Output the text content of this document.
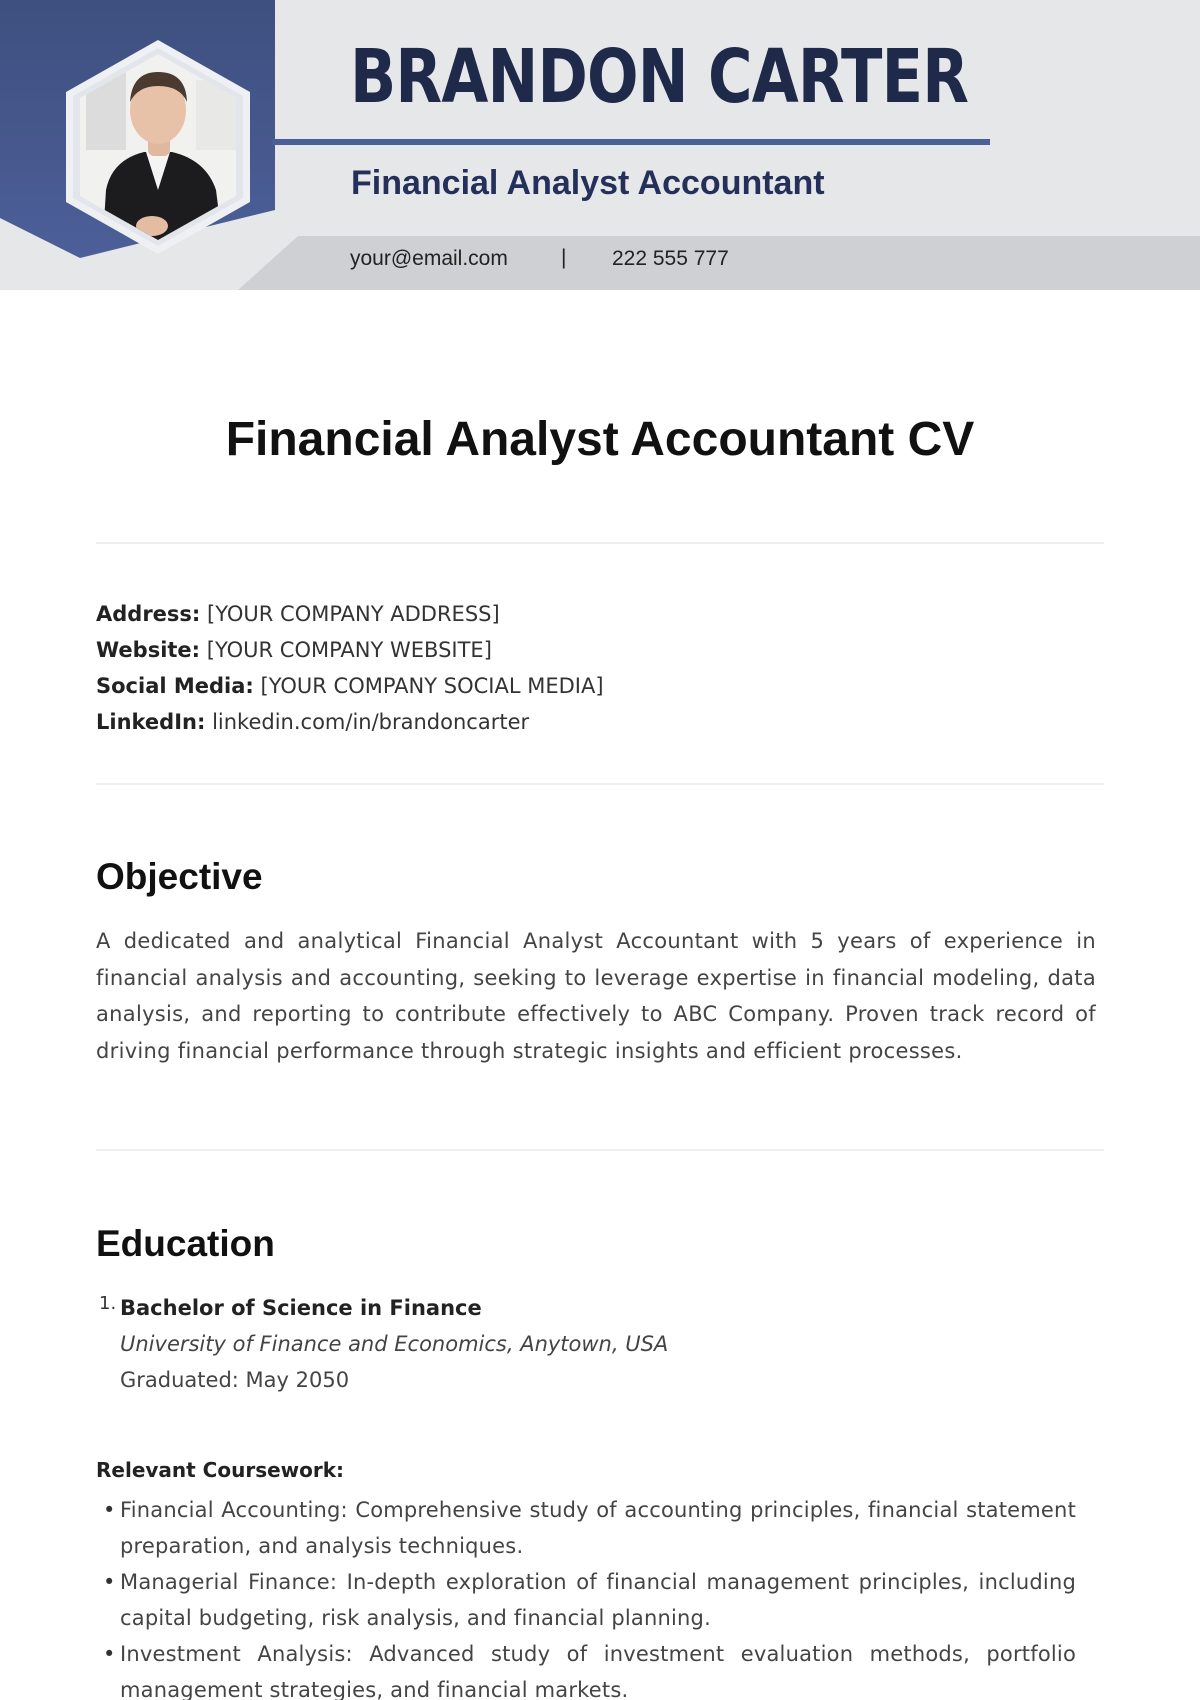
BRANDON CARTER
Financial Analyst Accountant
your@email.com	| 222 555 777
Financial Analyst Accountant CV
Address: [YOUR COMPANY ADDRESS]
Website: [YOUR COMPANY WEBSITE]
Social Media: [YOUR COMPANY SOCIAL MEDIA]
LinkedIn: linkedin.com/in/brandoncarter
Objective

A dedicated and analytical Financial Analyst Accountant with 5 years of experience in financial analysis and accounting, seeking to leverage expertise in financial modeling, data analysis, and reporting to contribute effectively to ABC Company. Proven track record of driving financial performance through strategic insights and efficient processes.

Education
1. Bachelor of Science in Finance
University of Finance and Economics, Anytown, USA
Graduated: May 2050
Relevant Coursework:
• Financial Accounting: Comprehensive study of accounting principles, financial statement preparation, and analysis techniques.
• Managerial Finance: In-depth exploration of financial management principles, including capital budgeting, risk analysis, and financial planning.
• Investment Analysis: Advanced study of investment evaluation methods, portfolio management strategies, and financial markets.
